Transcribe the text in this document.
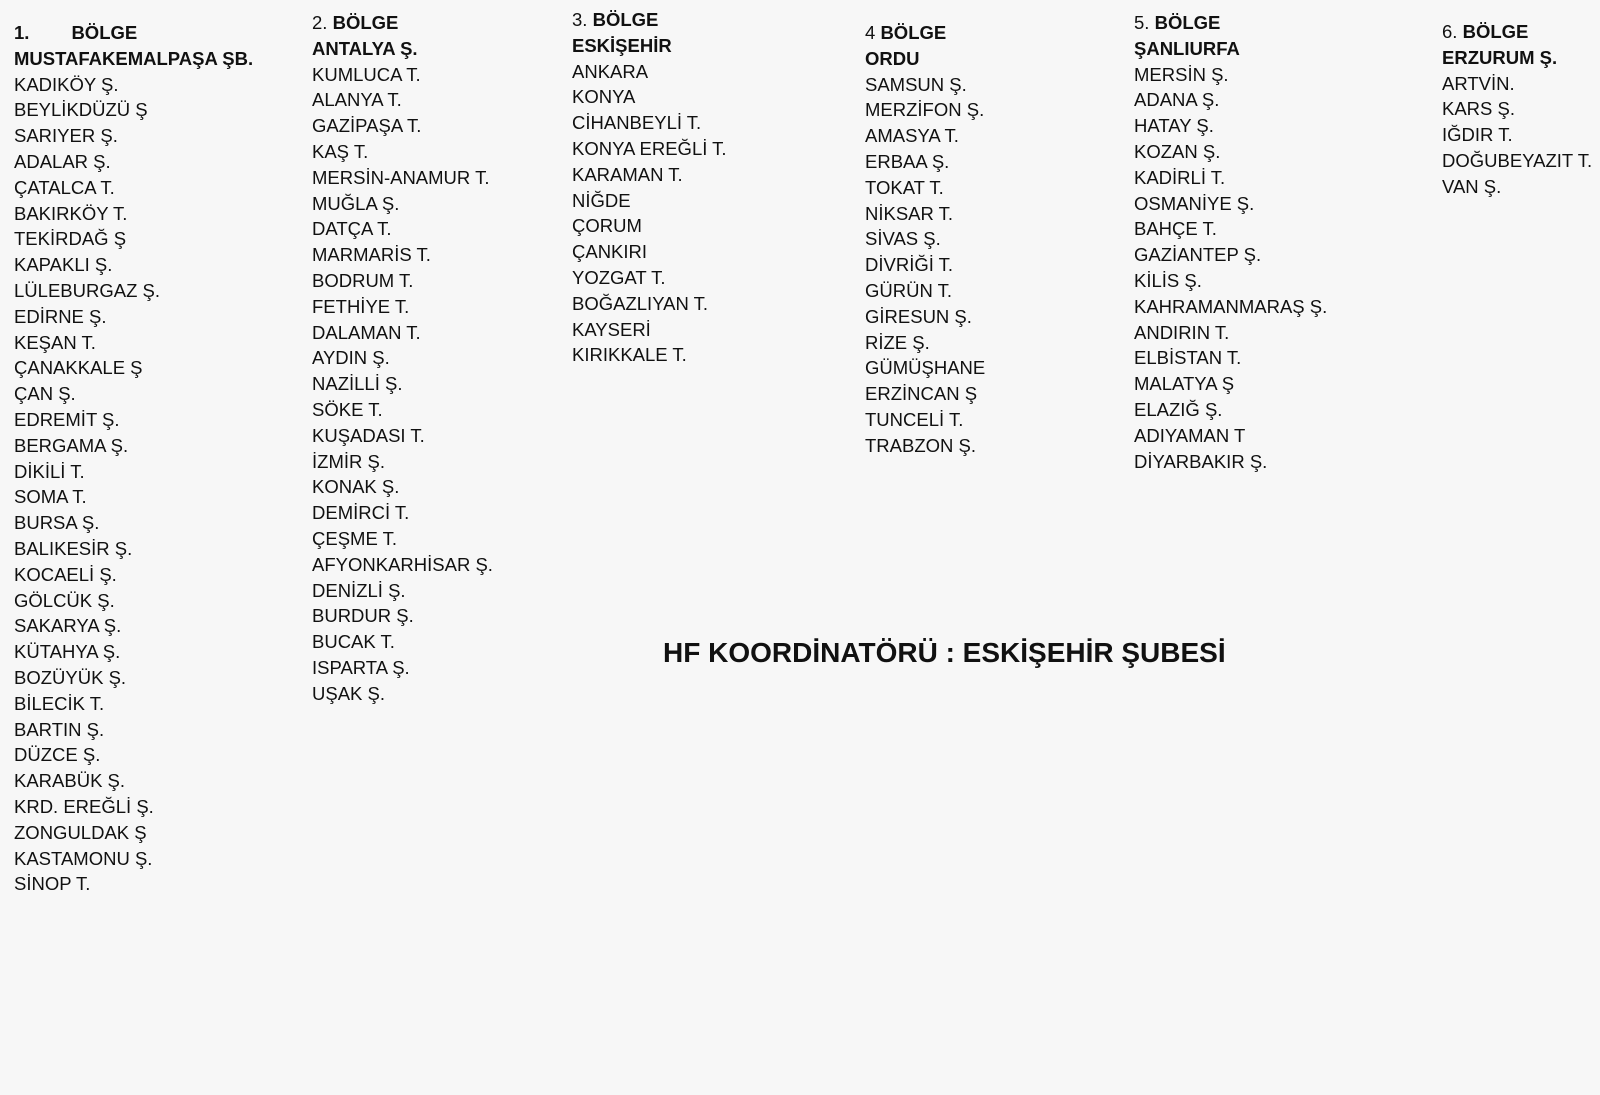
1. BÖLGE
MUSTAFAKEMALPAŞA ŞB.
KADIKÖY Ş.
BEYLİKDÜZÜ Ş
SARIYER Ş.
ADALAR Ş.
ÇATALCA T.
BAKIRKÖY T.
TEKİRDAĞ Ş
KAPAKLI Ş.
LÜLEBURGAZ Ş.
EDİRNE Ş.
KEŞAN T.
ÇANAKKALE Ş
ÇAN Ş.
EDREMİT Ş.
BERGAMA Ş.
DİKİLİ T.
SOMA T.
BURSA Ş.
BALIKESİR Ş.
KOCAELİ Ş.
GÖLCÜK Ş.
SAKARYA Ş.
KÜTAHYA Ş.
BOZÜYÜK Ş.
BİLECİK T.
BARTIN Ş.
DÜZCE Ş.
KARABÜK Ş.
KRD. EREĞLİ Ş.
ZONGULDAK Ş
KASTAMONU Ş.
SİNOP T.
2. BÖLGE
ANTALYA Ş.
KUMLUCA T.
ALANYA T.
GAZİPAŞA T.
KAŞ T.
MERSİN-ANAMUR T.
MUĞLA Ş.
DATÇA T.
MARMARİS T.
BODRUM T.
FETHİYE T.
DALAMAN T.
AYDIN Ş.
NAZİLLİ Ş.
SÖKE T.
KUŞADASI T.
İZMİR Ş.
KONAK Ş.
DEMİRCİ T.
ÇEŞME T.
AFYONKARHİSAR Ş.
DENİZLİ Ş.
BURDUR Ş.
BUCAK T.
ISPARTA Ş.
UŞAK Ş.
3. BÖLGE
ESKİŞEHİR
ANKARA
KONYA
CİHANBEYLİ T.
KONYA EREĞLİ T.
KARAMAN T.
NİĞDE
ÇORUM
ÇANKIRI
YOZGAT T.
BOĞAZLIYAN T.
KAYSERİ
KIRIKKALE T.
4 BÖLGE
ORDU
SAMSUN Ş.
MERZİFON Ş.
AMASYA T.
ERBAA Ş.
TOKAT T.
NİKSAR T.
SİVAS Ş.
DİVRİĞİ T.
GÜRÜN T.
GİRESUN Ş.
RİZE Ş.
GÜMÜŞHANE
ERZİNCAN Ş
TUNCELİ T.
TRABZON Ş.
5. BÖLGE
ŞANLIURFA
MERSİN Ş.
ADANA Ş.
HATAY Ş.
KOZAN Ş.
KADİRLİ T.
OSMANİYE Ş.
BAHÇE T.
GAZİANTEP Ş.
KİLİS Ş.
KAHRAMANMARAŞ Ş.
ANDIRIN T.
ELBİSTAN T.
MALATYA Ş
ELAZIĞ Ş.
ADIYAMAN T
DİYARBAKIR Ş.
6. BÖLGE
ERZURUM Ş.
ARTVİN.
KARS Ş.
IĞDIR T.
DOĞUBEYAZIT T.
VAN Ş.
HF KOORDİNATÖRÜ : ESKİŞEHİR ŞUBESİ
